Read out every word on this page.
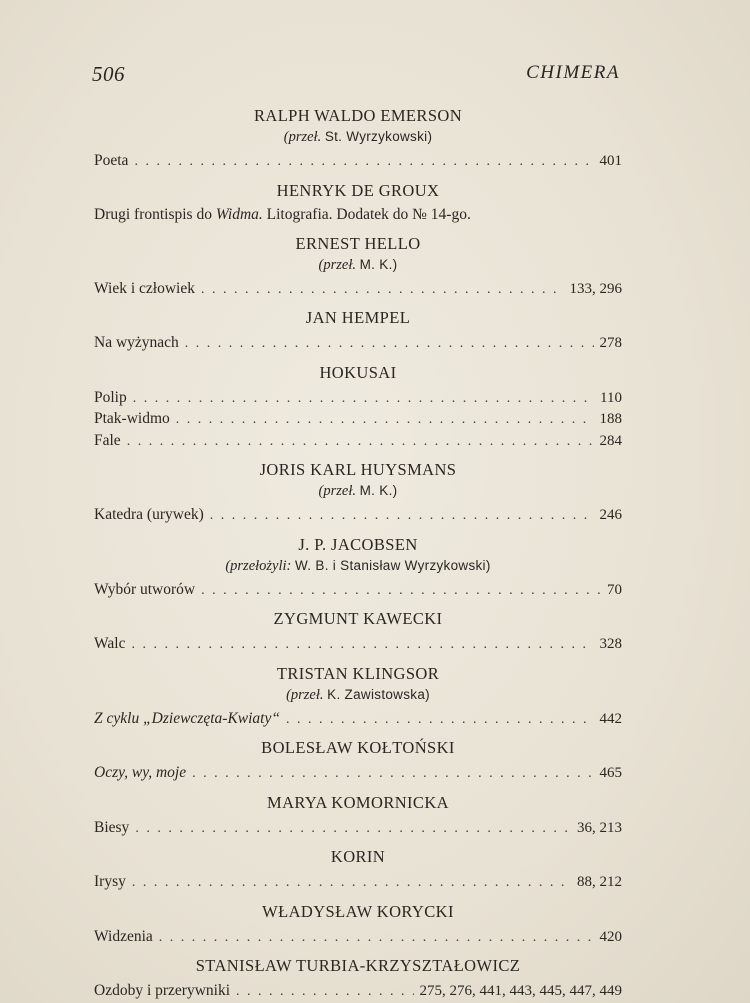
506	CHIMERA
RALPH WALDO EMERSON
(przeł. St. Wyrzykowski)
Poeta . . .	401
HENRYK DE GROUX
Drugi frontispis do Widma. Litografia. Dodatek do № 14-go.
ERNEST HELLO
(przeł. M. K.)
Wiek i człowiek . . .	133, 296
JAN HEMPEL
Na wyżynach . . .	278
HOKUSAI
Polip . . .	110
Ptak-widmo . . .	188
Fale . . .	284
JORIS KARL HUYSMANS
(przeł. M. K.)
Katedra (urywek) . . .	246
J. P. JACOBSEN
(przełożyli: W. B. i Stanisław Wyrzykowski)
Wybór utworów . . .	70
ZYGMUNT KAWECKI
Walc . . .	328
TRISTAN KLINGSOR
(przeł. K. Zawistowska)
Z cyklu „Dziewczęta-Kwiaty“ . . .	442
BOLESŁAW KOŁTOŃSKI
Oczy, wy, moje . . .	465
MARYA KOMORNICKA
Biesy . . .	36, 213
KORIN
Irysy . . .	88, 212
WŁADYSŁAW KORYCKI
Widzenia . . .	420
STANISŁAW TURBIA-KRZYSZTAŁOWICZ
Ozdoby i przerywniki . . .	275, 276, 441, 443, 445, 447, 449
